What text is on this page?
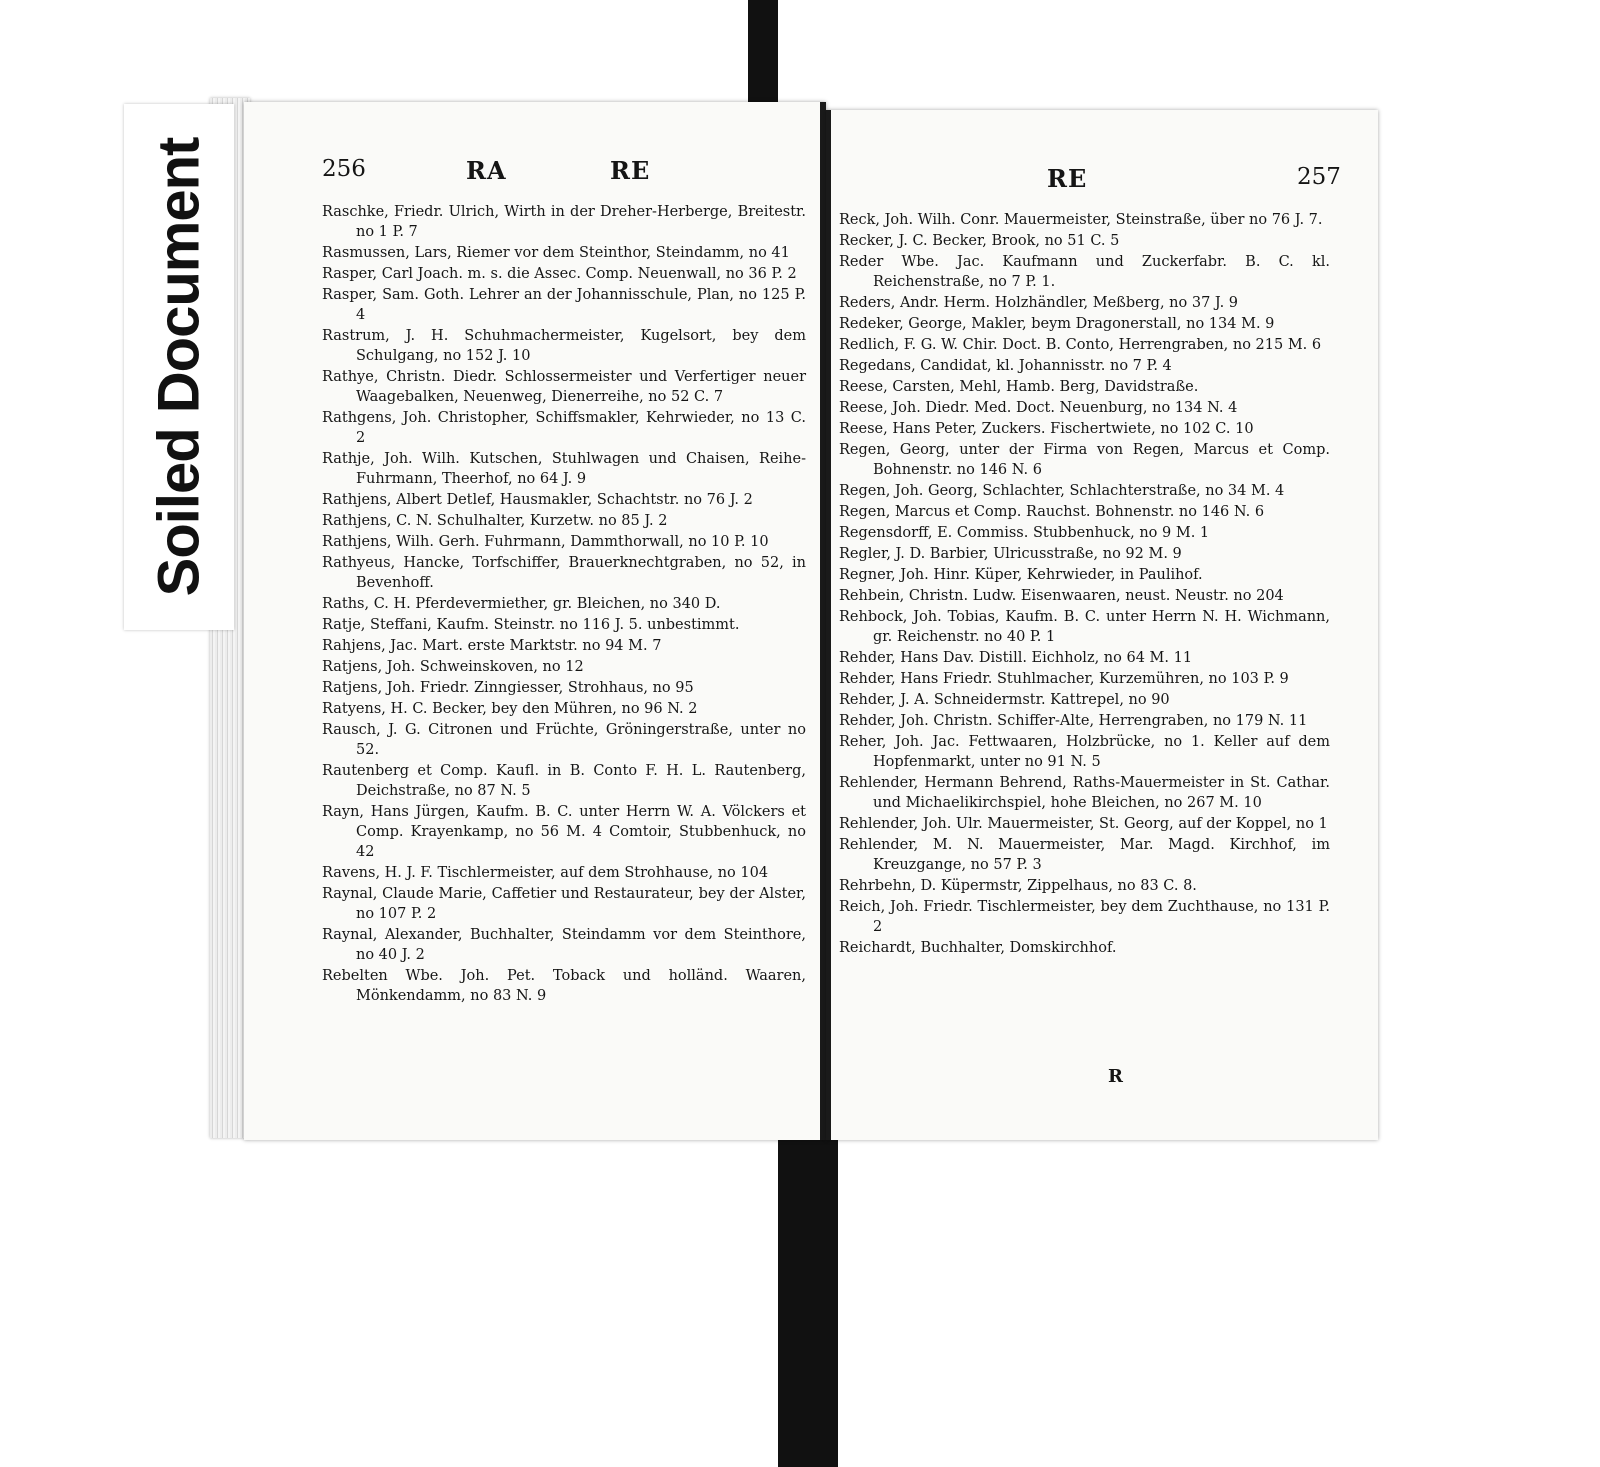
Soiled Document	256	RA	RE
Raschke, Friedr. Ulrich, Wirth in der Dreher-Herberge, Breitestr. no 1 P. 7
Rasmussen, Lars, Riemer vor dem Steinthor, Steindamm, no 41
Rasper, Carl Joach. m. s. die Assec. Comp. Neuenwall, no 36 P. 2
Rasper, Sam. Goth. Lehrer an der Johannisschule, Plan, no 125 P. 4
Rastrum, J. H. Schuhmachermeister, Kugelsort, bey dem Schulgang, no 152 J. 10
Rathye, Christn. Diedr. Schlossermeister und Verfertiger neuer Waagebalken, Neuenweg, Dienerreihe, no 52 C. 7
Rathgens, Joh. Christopher, Schiffsmakler, Kehrwieder, no 13 C. 2
Rathje, Joh. Wilh. Kutschen, Stuhlwagen und Chaisen, Reihe-Fuhrmann, Theerhof, no 64 J. 9
Rathjens, Albert Detlef, Hausmakler, Schachtstr. no 76 J. 2
Rathjens, C. N. Schulhalter, Kurzetw. no 85 J. 2
Rathjens, Wilh. Gerh. Fuhrmann, Dammthorwall, no 10 P. 10
Rathyeus, Hancke, Torfschiffer, Brauerknechtgraben, no 52, in Bevenhoff.
Raths, C. H. Pferdevermiether, gr. Bleichen, no 340 D.
Ratje, Steffani, Kaufm. Steinstr. no 116 J. 5. unbestimmt.
Rahjens, Jac. Mart. erste Marktstr. no 94 M. 7
Ratjens, Joh. Schweinskoven, no 12
Ratjens, Joh. Friedr. Zinngiesser, Strohhaus, no 95
Ratyens, H. C. Becker, bey den Mühren, no 96 N. 2
Rausch, J. G. Citronen und Früchte, Gröningerstraße, unter no 52.
Rautenberg et Comp. Kaufl. in B. Conto F. H. L. Rautenberg, Deichstraße, no 87 N. 5
Rayn, Hans Jürgen, Kaufm. B. C. unter Herrn W. A. Völckers et Comp. Krayenkamp, no 56 M. 4 Comtoir, Stubbenhuck, no 42
Ravens, H. J. F. Tischlermeister, auf dem Strohhause, no 104
Raynal, Claude Marie, Caffetier und Restaurateur, bey der Alster, no 107 P. 2
Raynal, Alexander, Buchhalter, Steindamm vor dem Steinthore, no 40 J. 2
Rebelten Wbe. Joh. Pet. Toback und holländ. Waaren, Mönkendamm, no 83 N. 9
RE	257
Reck, Joh. Wilh. Conr. Mauermeister, Steinstraße, über no 76 J. 7.
Recker, J. C. Becker, Brook, no 51 C. 5
Reder Wbe. Jac. Kaufmann und Zuckerfabr. B. C. kl. Reichenstraße, no 7 P. 1.
Reders, Andr. Herm. Holzhändler, Meßberg, no 37 J. 9
Redeker, George, Makler, beym Dragonerstall, no 134 M. 9
Redlich, F. G. W. Chir. Doct. B. Conto, Herrengraben, no 215 M. 6
Regedans, Candidat, kl. Johannisstr. no 7 P. 4
Reese, Carsten, Mehl, Hamb. Berg, Davidstraße.
Reese, Joh. Diedr. Med. Doct. Neuenburg, no 134 N. 4
Reese, Hans Peter, Zuckers. Fischertwiete, no 102 C. 10
Regen, Georg, unter der Firma von Regen, Marcus et Comp. Bohnenstr. no 146 N. 6
Regen, Joh. Georg, Schlachter, Schlachterstraße, no 34 M. 4
Regen, Marcus et Comp. Rauchst. Bohnenstr. no 146 N. 6
Regensdorff, E. Commiss. Stubbenhuck, no 9 M. 1
Regler, J. D. Barbier, Ulricusstraße, no 92 M. 9
Regner, Joh. Hinr. Küper, Kehrwieder, in Paulihof.
Rehbein, Christn. Ludw. Eisenwaaren, neust. Neustr. no 204
Rehbock, Joh. Tobias, Kaufm. B. C. unter Herrn N. H. Wichmann, gr. Reichenstr. no 40 P. 1
Rehder, Hans Dav. Distill. Eichholz, no 64 M. 11
Rehder, Hans Friedr. Stuhlmacher, Kurzemühren, no 103 P. 9
Rehder, J. A. Schneidermstr. Kattrepel, no 90
Rehder, Joh. Christn. Schiffer-Alte, Herrengraben, no 179 N. 11
Reher, Joh. Jac. Fettwaaren, Holzbrücke, no 1. Keller auf dem Hopfenmarkt, unter no 91 N. 5
Rehlender, Hermann Behrend, Raths-Mauermeister in St. Cathar. und Michaelikirchspiel, hohe Bleichen, no 267 M. 10
Rehlender, Joh. Ulr. Mauermeister, St. Georg, auf der Koppel, no 1
Rehlender, M. N. Mauermeister, Mar. Magd. Kirchhof, im Kreuzgange, no 57 P. 3
Rehrbehn, D. Küpermstr, Zippelhaus, no 83 C. 8.
Reich, Joh. Friedr. Tischlermeister, bey dem Zuchthause, no 131 P. 2
Reichardt, Buchhalter, Domskirchhof.
R
